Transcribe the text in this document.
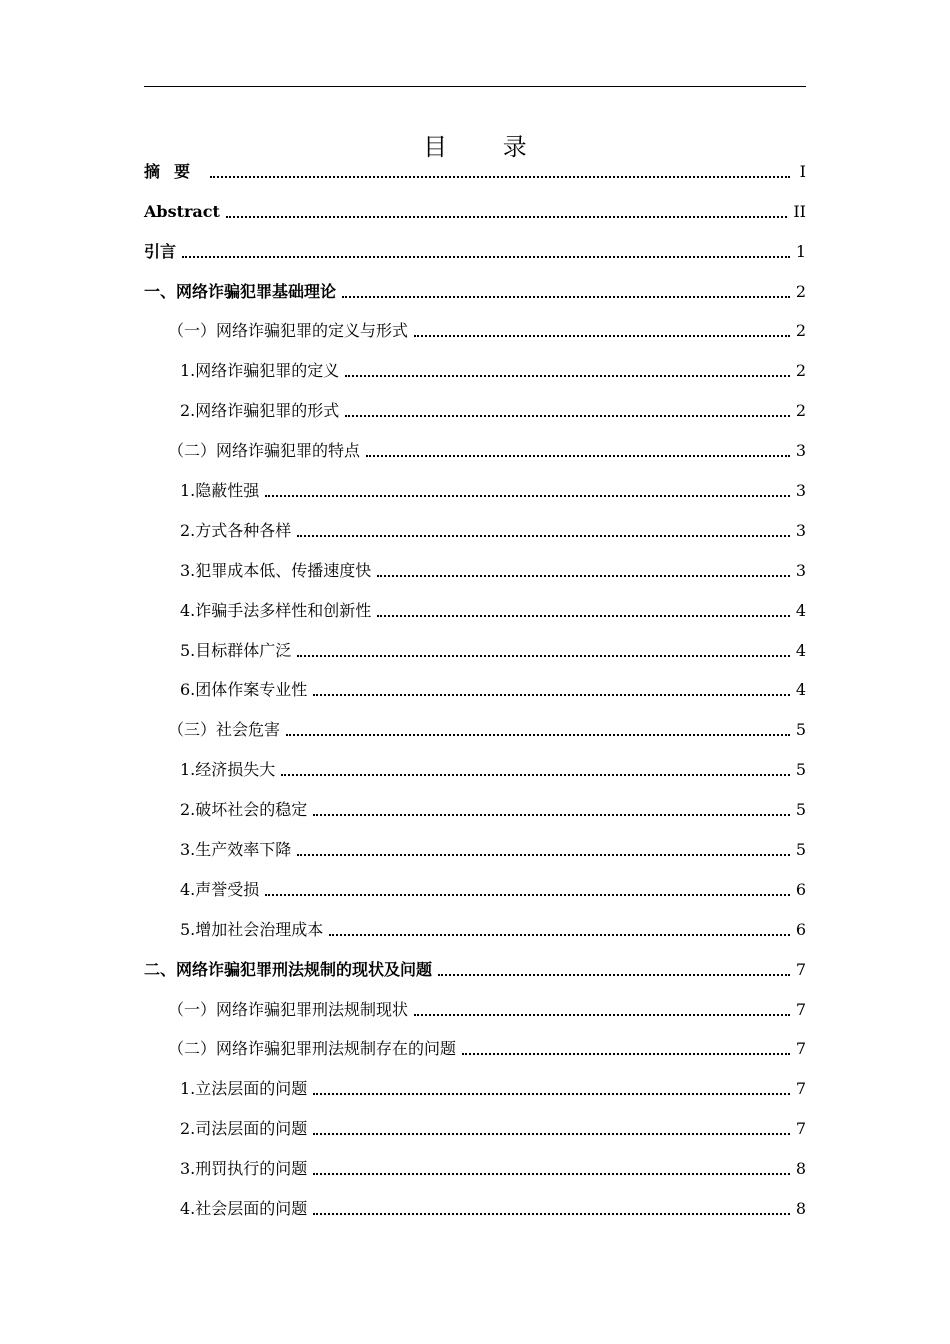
目 录
摘要	I
Abstract	II
引言	1
一、网络诈骗犯罪基础理论	2
（一）网络诈骗犯罪的定义与形式	2
1.网络诈骗犯罪的定义	2
2.网络诈骗犯罪的形式	2
（二）网络诈骗犯罪的特点	3
1.隐蔽性强	3
2.方式各种各样	3
3.犯罪成本低、传播速度快	3
4.诈骗手法多样性和创新性	4
5.目标群体广泛	4
6.团体作案专业性	4
（三）社会危害	5
1.经济损失大	5
2.破坏社会的稳定	5
3.生产效率下降	5
4.声誉受损	6
5.增加社会治理成本	6
二、网络诈骗犯罪刑法规制的现状及问题	7
（一）网络诈骗犯罪刑法规制现状	7
（二）网络诈骗犯罪刑法规制存在的问题	7
1.立法层面的问题	7
2.司法层面的问题	7
3.刑罚执行的问题	8
4.社会层面的问题	8
